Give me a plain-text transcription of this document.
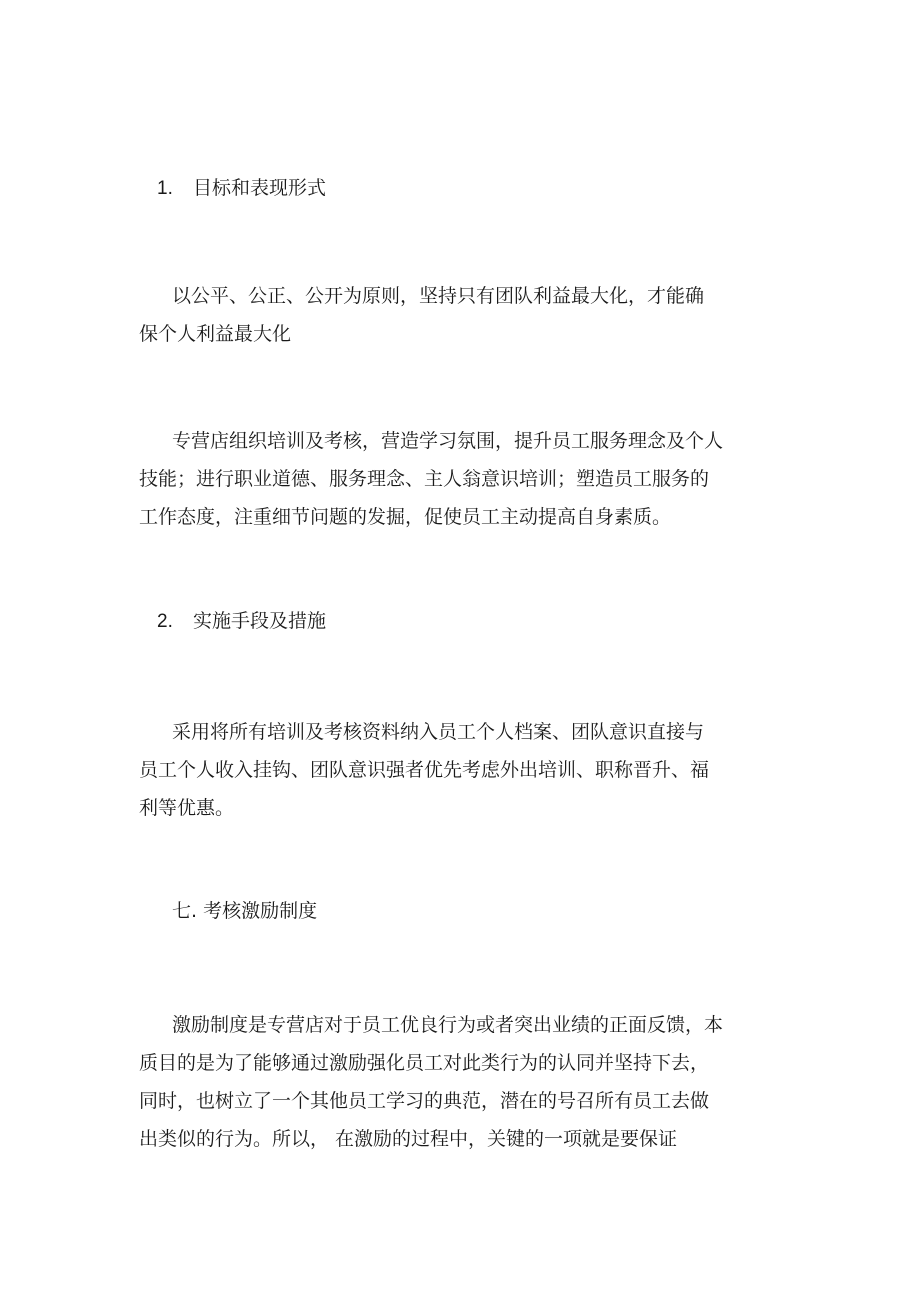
1. 目标和表现形式
以公平、公正、公开为原则，坚持只有团队利益最大化，才能确
保个人利益最大化
专营店组织培训及考核，营造学习氛围，提升员工服务理念及个人
技能；进行职业道德、服务理念、主人翁意识培训；塑造员工服务的
工作态度，注重细节问题的发掘，促使员工主动提高自身素质。
2. 实施手段及措施
采用将所有培训及考核资料纳入员工个人档案、团队意识直接与
员工个人收入挂钩、团队意识强者优先考虑外出培训、职称晋升、福
利等优惠。
七. 考核激励制度
激励制度是专营店对于员工优良行为或者突出业绩的正面反馈，本
质目的是为了能够通过激励强化员工对此类行为的认同并坚持下去，
同时，也树立了一个其他员工学习的典范，潜在的号召所有员工去做
出类似的行为。所以， 在激励的过程中，关键的一项就是要保证
